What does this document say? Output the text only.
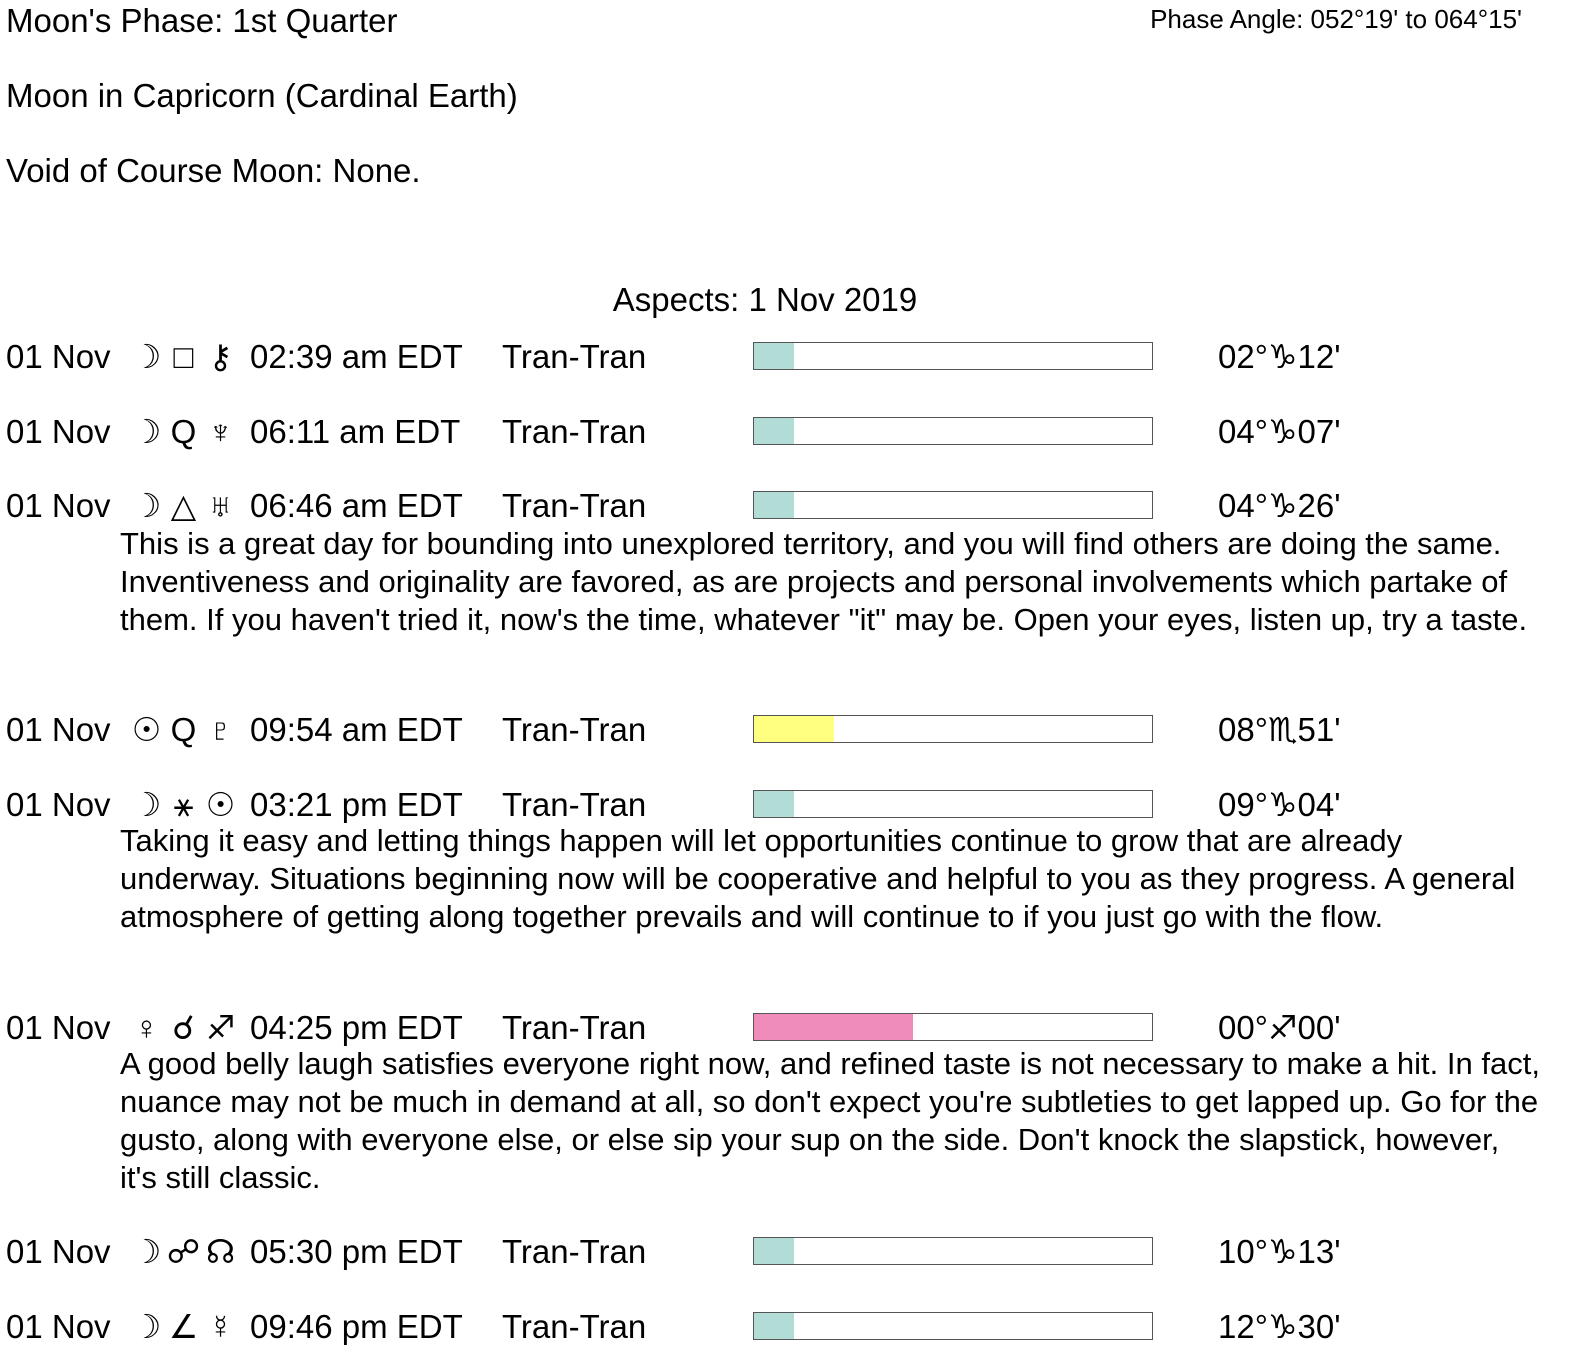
Moon's Phase: 1st Quarter	Phase Angle: 052°19' to 064°15'
Moon in Capricorn (Cardinal Earth)
Void of Course Moon: None.
Aspects: 1 Nov 2019
01 Nov ☽ □ ⚷ 02:39 am EDT Tran-Tran	02°♑12'
01 Nov ☽ Q ♆ 06:11 am EDT Tran-Tran	04°♑07'
01 Nov ☽ △ ♅ 06:46 am EDT Tran-Tran	04°♑26'
This is a great day for bounding into unexplored territory, and you will find others are doing the same. Inventiveness and originality are favored, as are projects and personal involvements which partake of them. If you haven't tried it, now's the time, whatever "it" may be. Open your eyes, listen up, try a taste.
01 Nov ☉ Q ♇ 09:54 am EDT Tran-Tran	08°♏51'
01 Nov ☽ ⚹ ☉ 03:21 pm EDT Tran-Tran	09°♑04'
Taking it easy and letting things happen will let opportunities continue to grow that are already underway. Situations beginning now will be cooperative and helpful to you as they progress. A general atmosphere of getting along together prevails and will continue to if you just go with the flow.
01 Nov ♀ ☌ ♐ 04:25 pm EDT Tran-Tran	00°♐00'
A good belly laugh satisfies everyone right now, and refined taste is not necessary to make a hit. In fact, nuance may not be much in demand at all, so don't expect you're subtleties to get lapped up. Go for the gusto, along with everyone else, or else sip your sup on the side. Don't knock the slapstick, however, it's still classic.
01 Nov ☽ ☍ ☊ 05:30 pm EDT Tran-Tran	10°♑13'
01 Nov ☽ ∠ ☿ 09:46 pm EDT Tran-Tran	12°♑30'
